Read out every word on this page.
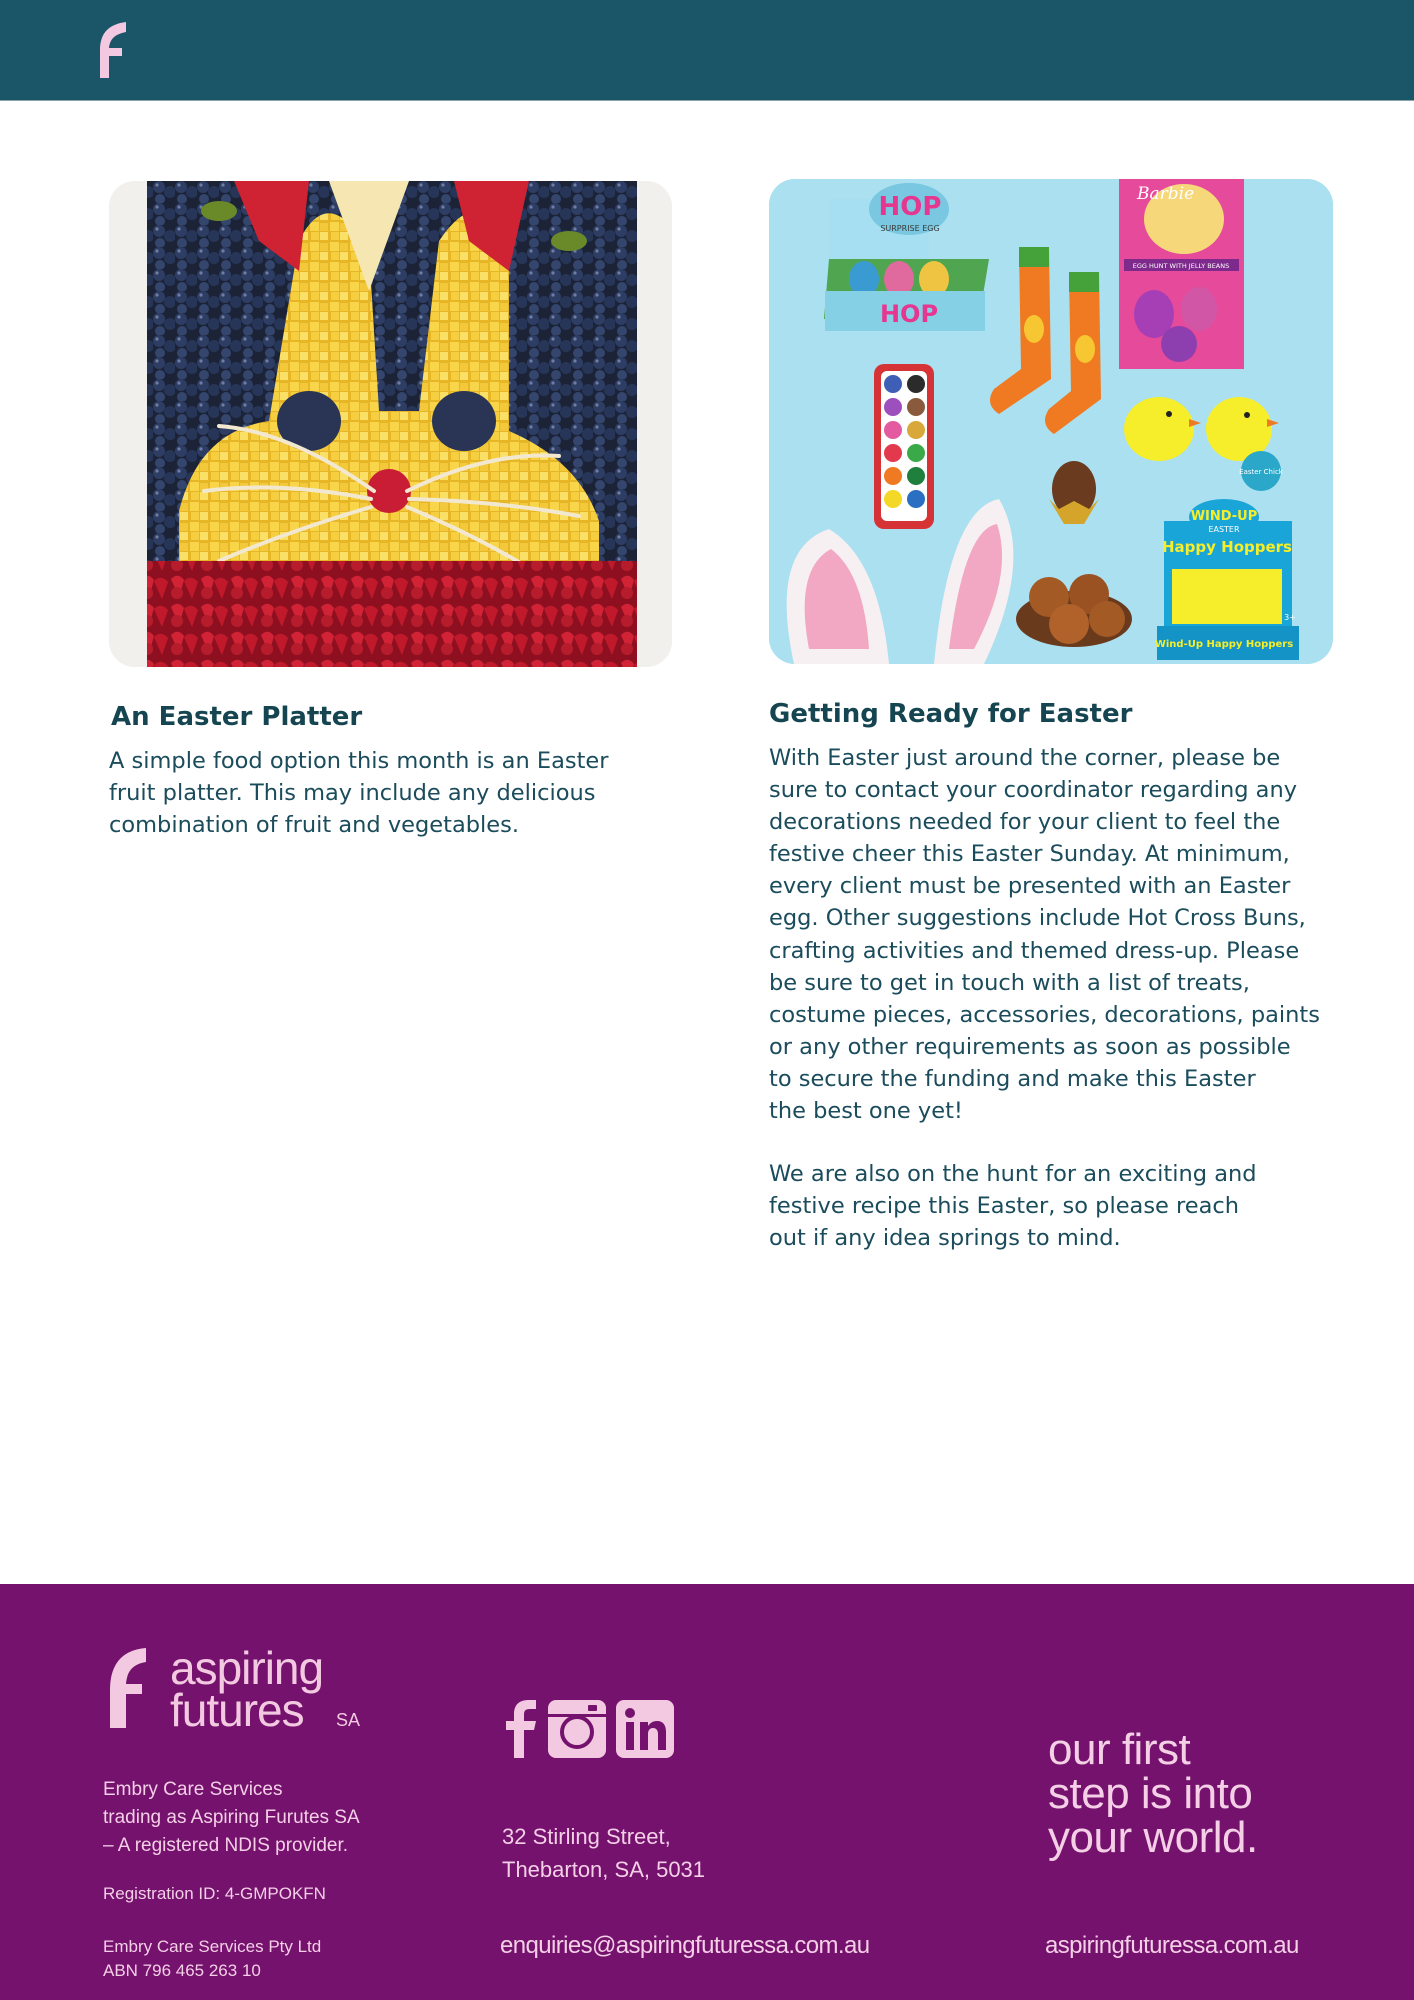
HOP
SURPRISE EGG
HOP
Barbie
EGG HUNT WITH JELLY BEANS
Easter Chick
WIND-UP
EASTER
Happy Hoppers
Wind-Up Happy Hoppers
3+
An Easter Platter
A simple food option this month is an Easter
fruit platter. This may include any delicious
combination of fruit and vegetables.
Getting Ready for Easter
With Easter just around the corner, please be
sure to contact your coordinator regarding any
decorations needed for your client to feel the
festive cheer this Easter Sunday. At minimum,
every client must be presented with an Easter
egg. Other suggestions include Hot Cross Buns,
crafting activities and themed dress-up. Please
be sure to get in touch with a list of treats,
costume pieces, accessories, decorations, paints
or any other requirements as soon as possible
to secure the funding and make this Easter
the best one yet!
We are also on the hunt for an exciting and
festive recipe this Easter, so please reach
out if any idea springs to mind.
aspiring
futures SA
Embry Care Services
trading as Aspiring Furutes SA
– A registered NDIS provider.
Registration ID: 4-GMPOKFN
Embry Care Services Pty Ltd
ABN 796 465 263 10
32 Stirling Street,
Thebarton, SA, 5031
enquiries@aspiringfuturessa.com.au
our first
step is into
your world.
aspiringfuturessa.com.au
